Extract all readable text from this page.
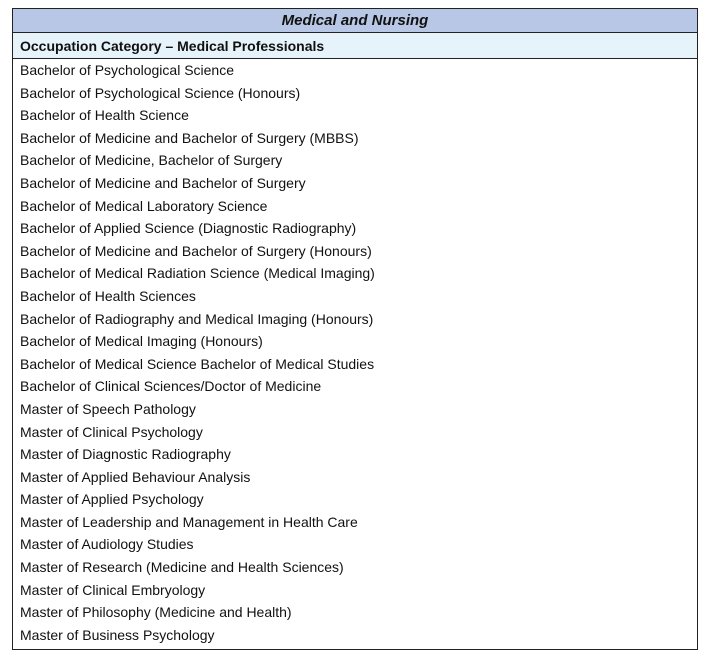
Medical and Nursing
Occupation Category – Medical Professionals
Bachelor of Psychological Science
Bachelor of Psychological Science (Honours)
Bachelor of Health Science
Bachelor of Medicine and Bachelor of Surgery (MBBS)
Bachelor of Medicine, Bachelor of Surgery
Bachelor of Medicine and Bachelor of Surgery
Bachelor of Medical Laboratory Science
Bachelor of Applied Science (Diagnostic Radiography)
Bachelor of Medicine and Bachelor of Surgery (Honours)
Bachelor of Medical Radiation Science (Medical Imaging)
Bachelor of Health Sciences
Bachelor of Radiography and Medical Imaging (Honours)
Bachelor of Medical Imaging (Honours)
Bachelor of Medical Science Bachelor of Medical Studies
Bachelor of Clinical Sciences/Doctor of Medicine
Master of Speech Pathology
Master of Clinical Psychology
Master of Diagnostic Radiography
Master of Applied Behaviour Analysis
Master of Applied Psychology
Master of Leadership and Management in Health Care
Master of Audiology Studies
Master of Research (Medicine and Health Sciences)
Master of Clinical Embryology
Master of Philosophy (Medicine and Health)
Master of Business Psychology
